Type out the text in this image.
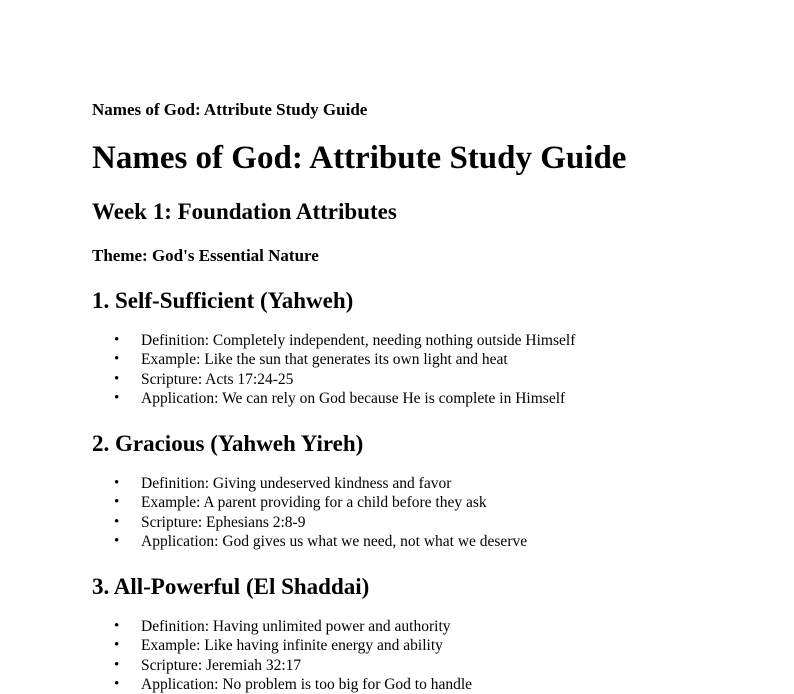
Names of God: Attribute Study Guide

Names of God: Attribute Study Guide
Week 1: Foundation Attributes

Theme: God's Essential Nature

1. Self-Sufficient (Yahweh)
• Definition: Completely independent, needing nothing outside Himself
• Example: Like the sun that generates its own light and heat
• Scripture: Acts 17:24-25
• Application: We can rely on God because He is complete in Himself
2. Gracious (Yahweh Yireh)
• Definition: Giving undeserved kindness and favor
• Example: A parent providing for a child before they ask
• Scripture: Ephesians 2:8-9
• Application: God gives us what we need, not what we deserve
3. All-Powerful (El Shaddai)
• Definition: Having unlimited power and authority
• Example: Like having infinite energy and ability
• Scripture: Jeremiah 32:17
• Application: No problem is too big for God to handle
